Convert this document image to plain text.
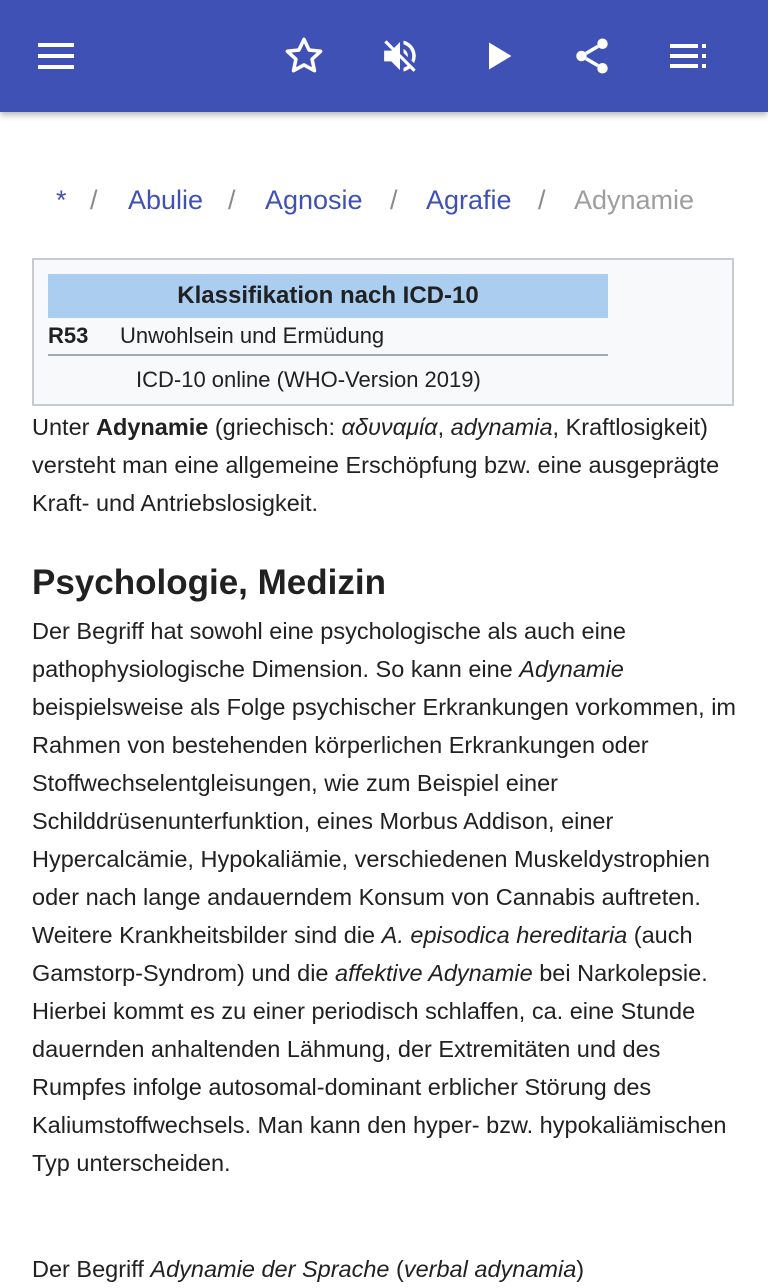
* / Abulie / Agnosie / Agrafie / Adynamie
Klassifikation nach ICD-10
R53 Unwohlsein und Ermüdung
ICD-10 online (WHO-Version 2019)

Unter Adynamie (griechisch: αδυναμία, adynamia, Kraftlosigkeit) versteht man eine allgemeine Erschöpfung bzw. eine ausgeprägte Kraft- und Antriebslosigkeit.

Psychologie, Medizin

Der Begriff hat sowohl eine psychologische als auch eine pathophysiologische Dimension. So kann eine Adynamie beispielsweise als Folge psychischer Erkrankungen vorkommen, im Rahmen von bestehenden körperlichen Erkrankungen oder Stoffwechselentgleisungen, wie zum Beispiel einer Schilddrüsenunterfunktion, eines Morbus Addison, einer Hypercalcämie, Hypokaliämie, verschiedenen Muskeldystrophien oder nach lange andauerndem Konsum von Cannabis auftreten. Weitere Krankheitsbilder sind die A. episodica hereditaria (auch Gamstorp-Syndrom) und die affektive Adynamie bei Narkolepsie. Hierbei kommt es zu einer periodisch schlaffen, ca. eine Stunde dauernden anhaltenden Lähmung, der Extremitäten und des Rumpfes infolge autosomal-dominant erblicher Störung des Kaliumstoffwechsels. Man kann den hyper- bzw. hypokaliämischen Typ unterscheiden.

Der Begriff Adynamie der Sprache (verbal adynamia)
